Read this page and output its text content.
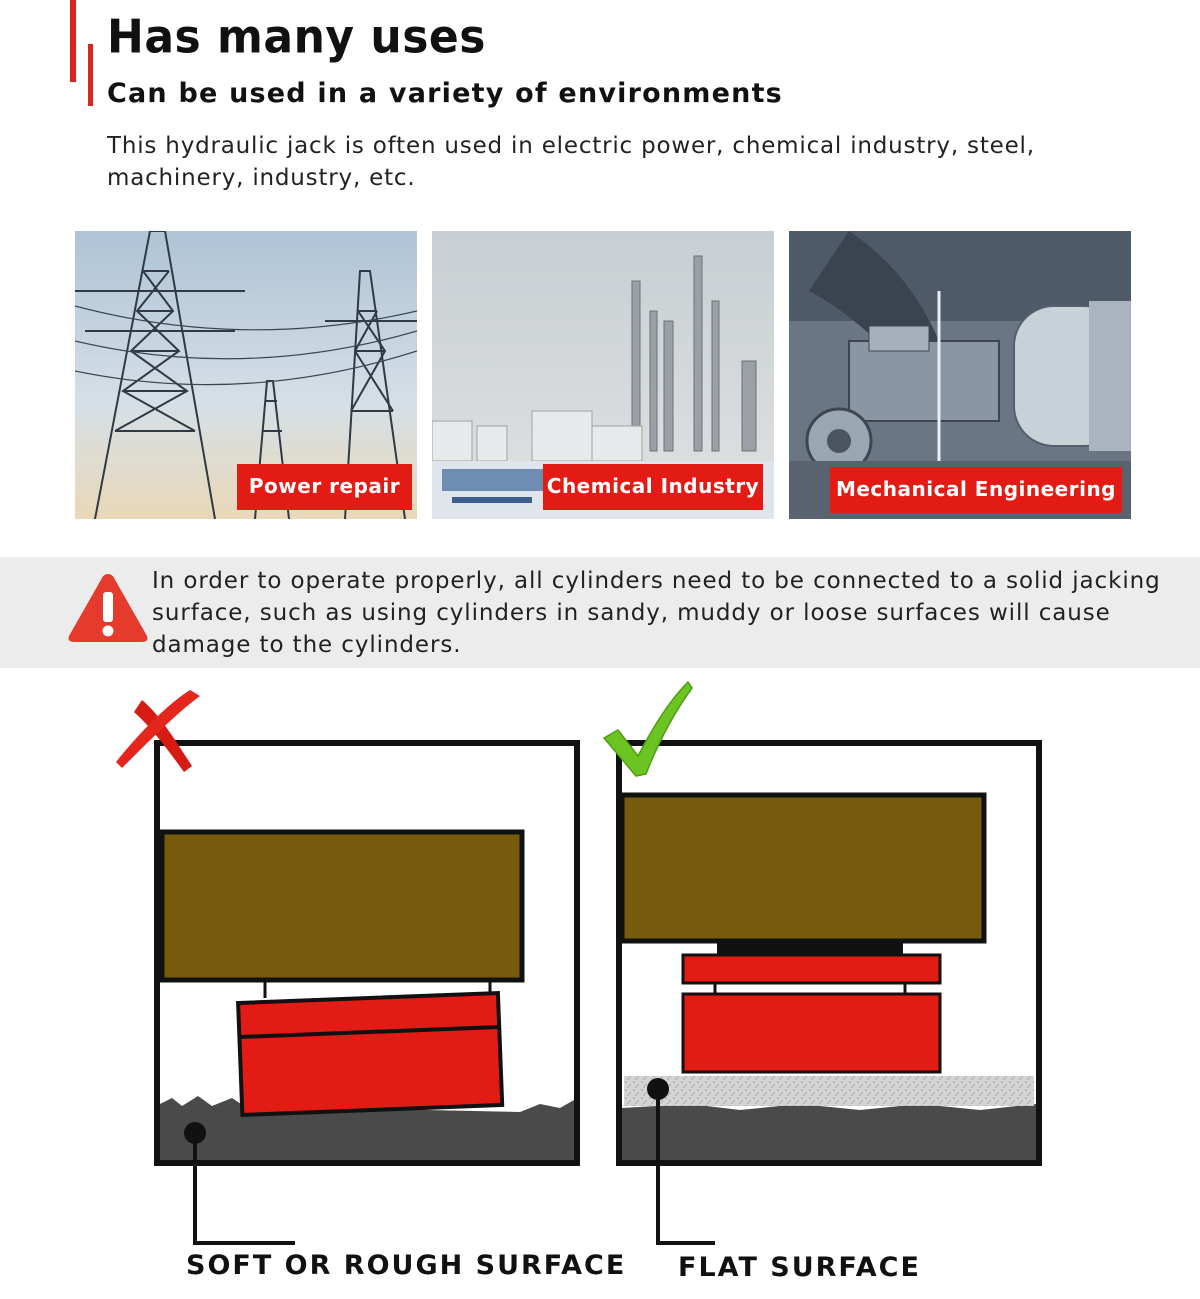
Has many uses
Can be used in a variety of environments

This hydraulic jack is often used in electric power, chemical industry, steel, machinery, industry, etc.

Power repair	Chemical Industry	Mechanical Engineering

In order to operate properly, all cylinders need to be connected to a solid jacking surface, such as using cylinders in sandy, muddy or loose surfaces will cause damage to the cylinders.

SOFT OR ROUGH SURFACE FLAT SURFACE
